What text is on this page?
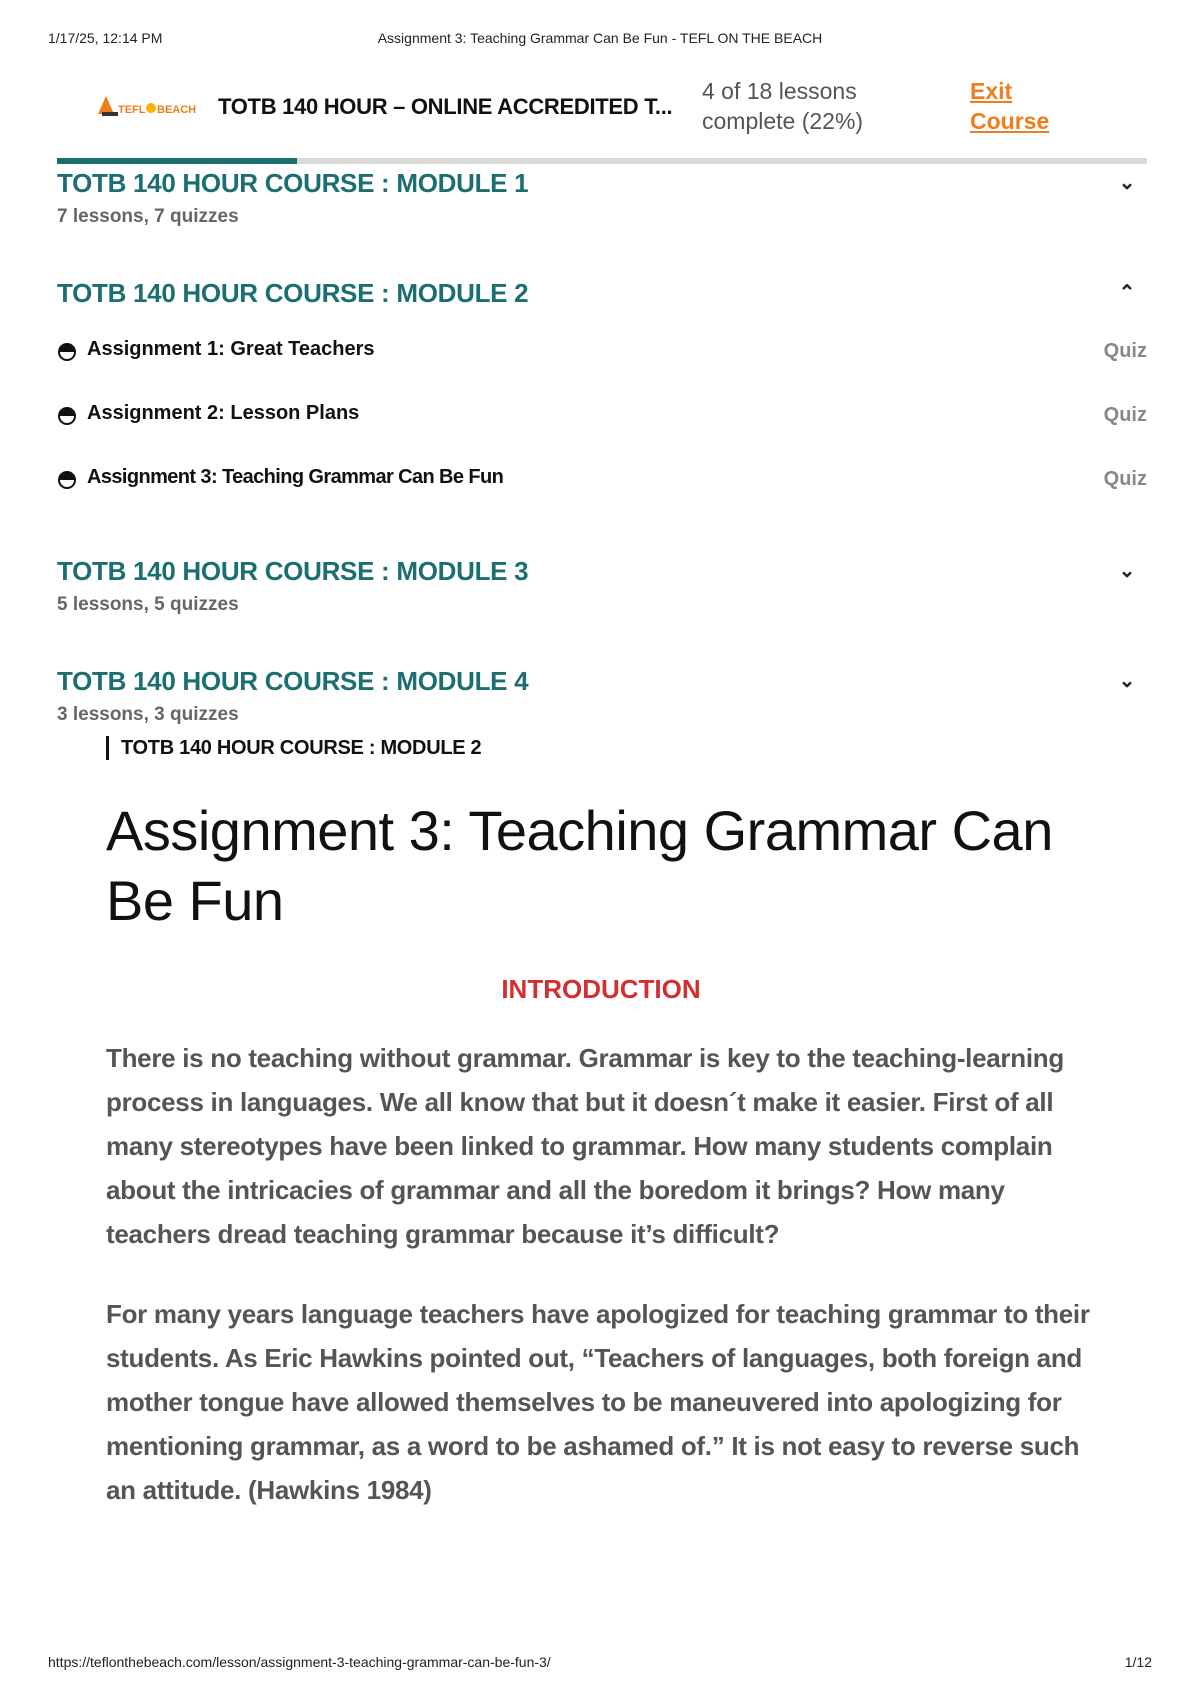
1/17/25, 12:14 PM	Assignment 3: Teaching Grammar Can Be Fun - TEFL ON THE BEACH
TEFL BEACH TOTB 140 HOUR – ONLINE ACCREDITED T...
4 of 18 lessons complete (22%)
Exit Course
TOTB 140 HOUR COURSE : MODULE 1	⌄
7 lessons, 7 quizzes
TOTB 140 HOUR COURSE : MODULE 2	⌃
Assignment 1: Great Teachers	Quiz
Assignment 2: Lesson Plans	Quiz
Assignment 3: Teaching Grammar Can Be Fun	Quiz
TOTB 140 HOUR COURSE : MODULE 3	⌄
5 lessons, 5 quizzes
TOTB 140 HOUR COURSE : MODULE 4	⌄
3 lessons, 3 quizzes
TOTB 140 HOUR COURSE : MODULE 2
Assignment 3: Teaching Grammar Can Be Fun
INTRODUCTION

There is no teaching without grammar. Grammar is key to the teaching-learning process in languages. We all know that but it doesn´t make it easier. First of all many stereotypes have been linked to grammar. How many students complain about the intricacies of grammar and all the boredom it brings? How many teachers dread teaching grammar because it’s difficult?

For many years language teachers have apologized for teaching grammar to their students. As Eric Hawkins pointed out, “Teachers of languages, both foreign and mother tongue have allowed themselves to be maneuvered into apologizing for mentioning grammar, as a word to be ashamed of.” It is not easy to reverse such an attitude. (Hawkins 1984)

https://teflonthebeach.com/lesson/assignment-3-teaching-grammar-can-be-fun-3/	1/12
